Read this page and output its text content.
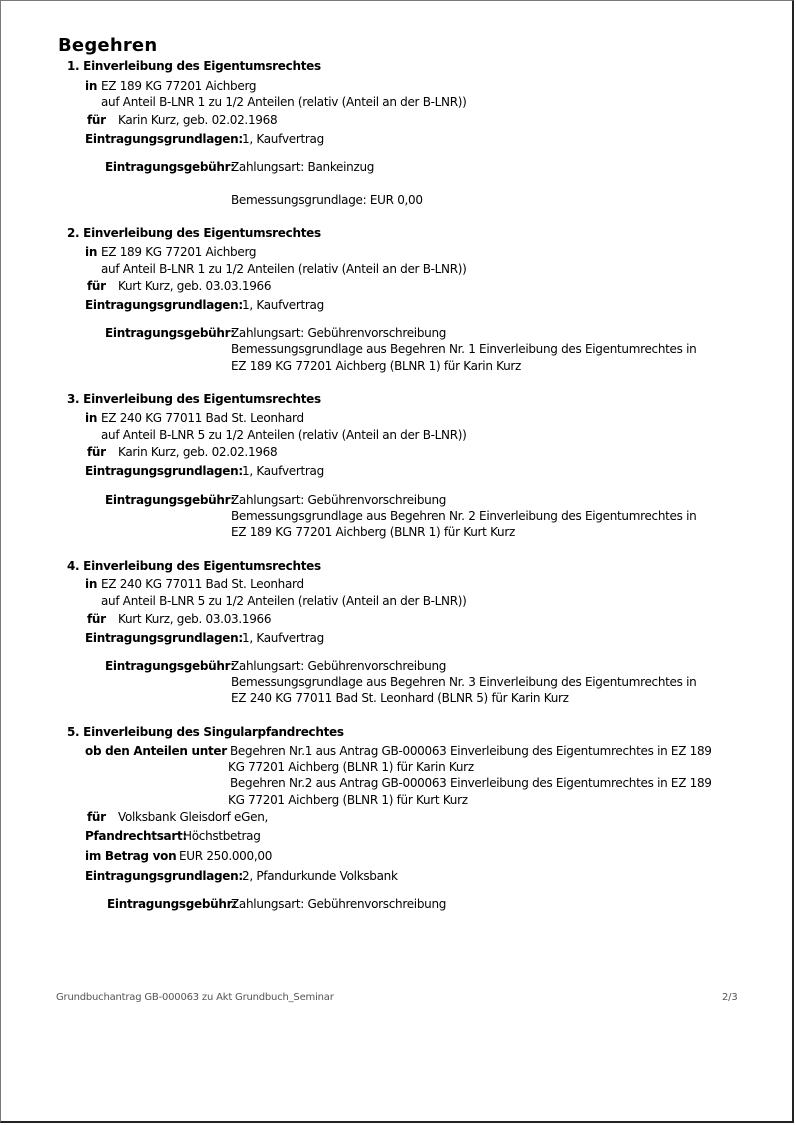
Begehren
1. Einverleibung des Eigentumsrechtes
in EZ 189 KG 77201 Aichberg
auf Anteil B-LNR 1 zu 1/2 Anteilen (relativ (Anteil an der B-LNR))
für Karin Kurz, geb. 02.02.1968
Eintragungsgrundlagen: 1, Kaufvertrag
Eintragungsgebühr:
Zahlungsart: Bankeinzug
Bemessungsgrundlage: EUR 0,00
2. Einverleibung des Eigentumsrechtes
in EZ 189 KG 77201 Aichberg
auf Anteil B-LNR 1 zu 1/2 Anteilen (relativ (Anteil an der B-LNR))
für Kurt Kurz, geb. 03.03.1966
Eintragungsgrundlagen: 1, Kaufvertrag
Eintragungsgebühr:
Zahlungsart: Gebührenvorschreibung
Bemessungsgrundlage aus Begehren Nr. 1 Einverleibung des Eigentumrechtes in
EZ 189 KG 77201 Aichberg (BLNR 1) für Karin Kurz
3. Einverleibung des Eigentumsrechtes
in EZ 240 KG 77011 Bad St. Leonhard
auf Anteil B-LNR 5 zu 1/2 Anteilen (relativ (Anteil an der B-LNR))
für Karin Kurz, geb. 02.02.1968
Eintragungsgrundlagen: 1, Kaufvertrag
Eintragungsgebühr:
Zahlungsart: Gebührenvorschreibung
Bemessungsgrundlage aus Begehren Nr. 2 Einverleibung des Eigentumrechtes in
EZ 189 KG 77201 Aichberg (BLNR 1) für Kurt Kurz
4. Einverleibung des Eigentumsrechtes
in EZ 240 KG 77011 Bad St. Leonhard
auf Anteil B-LNR 5 zu 1/2 Anteilen (relativ (Anteil an der B-LNR))
für Kurt Kurz, geb. 03.03.1966
Eintragungsgrundlagen: 1, Kaufvertrag
Eintragungsgebühr:
Zahlungsart: Gebührenvorschreibung
Bemessungsgrundlage aus Begehren Nr. 3 Einverleibung des Eigentumrechtes in
EZ 240 KG 77011 Bad St. Leonhard (BLNR 5) für Karin Kurz
5. Einverleibung des Singularpfandrechtes
ob den Anteilen unter Begehren Nr.1 aus Antrag GB-000063 Einverleibung des Eigentumrechtes in EZ 189
KG 77201 Aichberg (BLNR 1) für Karin Kurz
Begehren Nr.2 aus Antrag GB-000063 Einverleibung des Eigentumrechtes in EZ 189
KG 77201 Aichberg (BLNR 1) für Kurt Kurz
für Volksbank Gleisdorf eGen,
Pfandrechtsart:
Höchstbetrag
im Betrag von EUR 250.000,00
Eintragungsgrundlagen: 2, Pfandurkunde Volksbank
Eintragungsgebühr:
Zahlungsart: Gebührenvorschreibung
Grundbuchantrag GB-000063 zu Akt Grundbuch_Seminar	2/3
